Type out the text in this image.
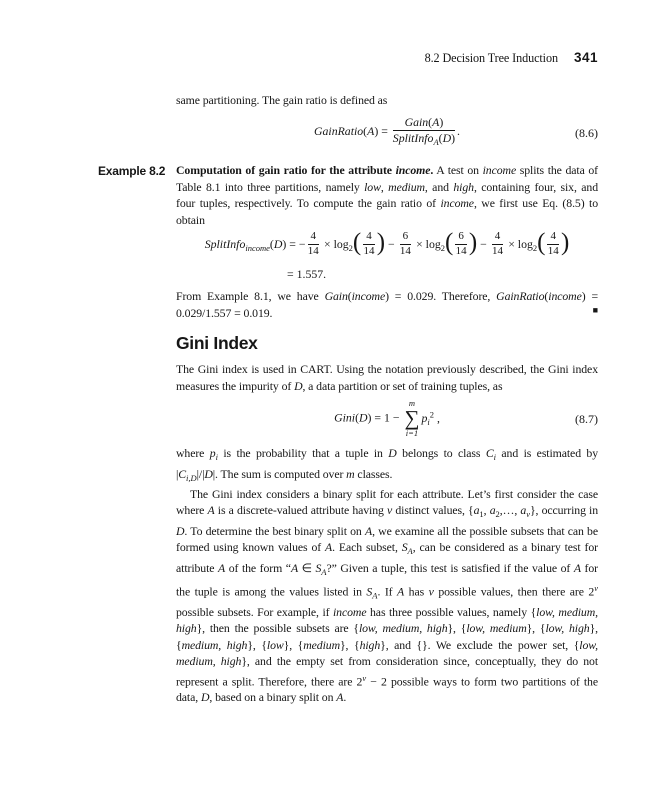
8.2 Decision Tree Induction 341

same partitioning. The gain ratio is defined as

GainRatio(A) = $\frac{\text{Gain(A)}}{SplitInfo_A(D)}$ .	(8.6)

Example 8.2 Computation of gain ratio for the attribute income. A test on income splits the data of Table 8.1 into three partitions, namely low, medium, and high, containing four, six, and four tuples, respectively. To compute the gain ratio of income, we first use Eq. (8.5) to obtain

SplitInfo$_{income}$(D) = − $\frac{4}{14} \times \log_2( \frac{4}{14}$ ) − $\frac{6}{14} \times \log_2( \frac{6}{14}$ ) − $\frac{4}{14} \times \log_2( \frac{4}{14}$ )
= 1.557.

From Example 8.1, we have Gain(income) = 0.029. Therefore, GainRatio(income) = 0.029/1.557 = 0.019.	■

Gini Index

The Gini index is used in CART. Using the notation previously described, the Gini index measures the impurity of D, a data partition or set of training tuples, as

Gini(D) = 1 −
m
∑
i=1
$p_i^2$ ,	(8.7)

where $p_i$ is the probability that a tuple in D belongs to class $C_i$ and is estimated by $|C_{i,D}|/|D|$. The sum is computed over m classes.

The Gini index considers a binary split for each attribute. Let’s first consider the case where A is a discrete-valued attribute having v distinct values, {$a_1$, $a_2,\dots$, $a_v$}, occurring in D. To determine the best binary split on A, we examine all the possible subsets that can be formed using known values of A. Each subset, $S_A$, can be considered as a binary test for attribute A of the form “A ∈ $S_A$?” Given a tuple, this test is satisfied if the value of A for the tuple is among the values listed in $S_A$. If A has v possible values, then there are 2$^v$ possible subsets. For example, if income has three possible values, namely {low, medium, high}, then the possible subsets are {low, medium, high}, {low, medium}, {low, high}, {medium, high}, {low}, {medium}, {high}, and {}. We exclude the power set, {low, medium, high}, and the empty set from consideration since, conceptually, they do not represent a split. Therefore, there are $2^v - 2$ possible ways to form two partitions of the data, D, based on a binary split on A.
